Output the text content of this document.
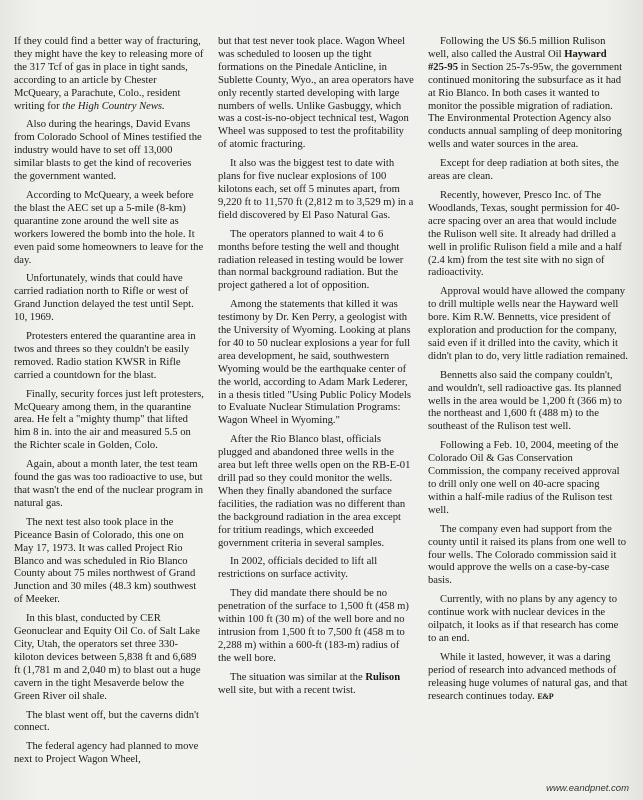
If they could find a better way of fracturing, they might have the key to releasing more of the 317 Tcf of gas in place in tight sands, according to an article by Chester McQueary, a Parachute, Colo., resident writing for the High Country News.

Also during the hearings, David Evans from Colorado School of Mines testified the industry would have to set off 13,000 similar blasts to get the kind of recoveries the government wanted.

According to McQueary, a week before the blast the AEC set up a 5-mile (8-km) quarantine zone around the well site as workers lowered the bomb into the hole. It even paid some homeowners to leave for the day.

Unfortunately, winds that could have carried radiation north to Rifle or west of Grand Junction delayed the test until Sept. 10, 1969.

Protesters entered the quarantine area in twos and threes so they couldn't be easily removed. Radio station KWSR in Rifle carried a countdown for the blast.

Finally, security forces just left protesters, McQueary among them, in the quarantine area. He felt a "mighty thump" that lifted him 8 in. into the air and measured 5.5 on the Richter scale in Golden, Colo.

Again, about a month later, the test team found the gas was too radioactive to use, but that wasn't the end of the nuclear program in natural gas.

The next test also took place in the Piceance Basin of Colorado, this one on May 17, 1973. It was called Project Rio Blanco and was scheduled in Rio Blanco County about 75 miles northwest of Grand Junction and 30 miles (48.3 km) southwest of Meeker.

In this blast, conducted by CER Geonuclear and Equity Oil Co. of Salt Lake City, Utah, the operators set three 330-kiloton devices between 5,838 ft and 6,689 ft (1,781 m and 2,040 m) to blast out a huge cavern in the tight Mesaverde below the Green River oil shale.

The blast went off, but the caverns didn't connect.

The federal agency had planned to move next to Project Wagon Wheel,

but that test never took place. Wagon Wheel was scheduled to loosen up the tight formations on the Pinedale Anticline, in Sublette County, Wyo., an area operators have only recently started developing with large numbers of wells. Unlike Gasbuggy, which was a cost-is-no-object technical test, Wagon Wheel was supposed to test the profitability of atomic fracturing.

It also was the biggest test to date with plans for five nuclear explosions of 100 kilotons each, set off 5 minutes apart, from 9,220 ft to 11,570 ft (2,812 m to 3,529 m) in a field discovered by El Paso Natural Gas.

The operators planned to wait 4 to 6 months before testing the well and thought radiation released in testing would be lower than normal background radiation. But the project gathered a lot of opposition.

Among the statements that killed it was testimony by Dr. Ken Perry, a geologist with the University of Wyoming. Looking at plans for 40 to 50 nuclear explosions a year for full area development, he said, southwestern Wyoming would be the earthquake center of the world, according to Adam Mark Lederer, in a thesis titled "Using Public Policy Models to Evaluate Nuclear Stimulation Programs: Wagon Wheel in Wyoming."

After the Rio Blanco blast, officials plugged and abandoned three wells in the area but left three wells open on the RB-E-01 drill pad so they could monitor the wells. When they finally abandoned the surface facilities, the radiation was no different than the background radiation in the area except for tritium readings, which exceeded government criteria in several samples.

In 2002, officials decided to lift all restrictions on surface activity.

They did mandate there should be no penetration of the surface to 1,500 ft (458 m) within 100 ft (30 m) of the well bore and no intrusion from 1,500 ft to 7,500 ft (458 m to 2,288 m) within a 600-ft (183-m) radius of the well bore.

The situation was similar at the Rulison well site, but with a recent twist.

Following the US $6.5 million Rulison well, also called the Austral Oil Hayward #25-95 in Section 25-7s-95w, the government continued monitoring the subsurface as it had at Rio Blanco. In both cases it wanted to monitor the possible migration of radiation. The Environmental Protection Agency also conducts annual sampling of deep monitoring wells and water sources in the area.

Except for deep radiation at both sites, the areas are clean.

Recently, however, Presco Inc. of The Woodlands, Texas, sought permission for 40-acre spacing over an area that would include the Rulison well site. It already had drilled a well in prolific Rulison field a mile and a half (2.4 km) from the test site with no sign of radioactivity.

Approval would have allowed the company to drill multiple wells near the Hayward well bore. Kim R.W. Bennetts, vice president of exploration and production for the company, said even if it drilled into the cavity, which it didn't plan to do, very little radiation remained.

Bennetts also said the company couldn't, and wouldn't, sell radioactive gas. Its planned wells in the area would be 1,200 ft (366 m) to the northeast and 1,600 ft (488 m) to the southeast of the Rulison test well.

Following a Feb. 10, 2004, meeting of the Colorado Oil & Gas Conservation Commission, the company received approval to drill only one well on 40-acre spacing within a half-mile radius of the Rulison test well.

The company even had support from the county until it raised its plans from one well to four wells. The Colorado commission said it would approve the wells on a case-by-case basis.

Currently, with no plans by any agency to continue work with nuclear devices in the oilpatch, it looks as if that research has come to an end.

While it lasted, however, it was a daring period of research into advanced methods of releasing huge volumes of natural gas, and that research continues today. E&P

www.eandpnet.com
